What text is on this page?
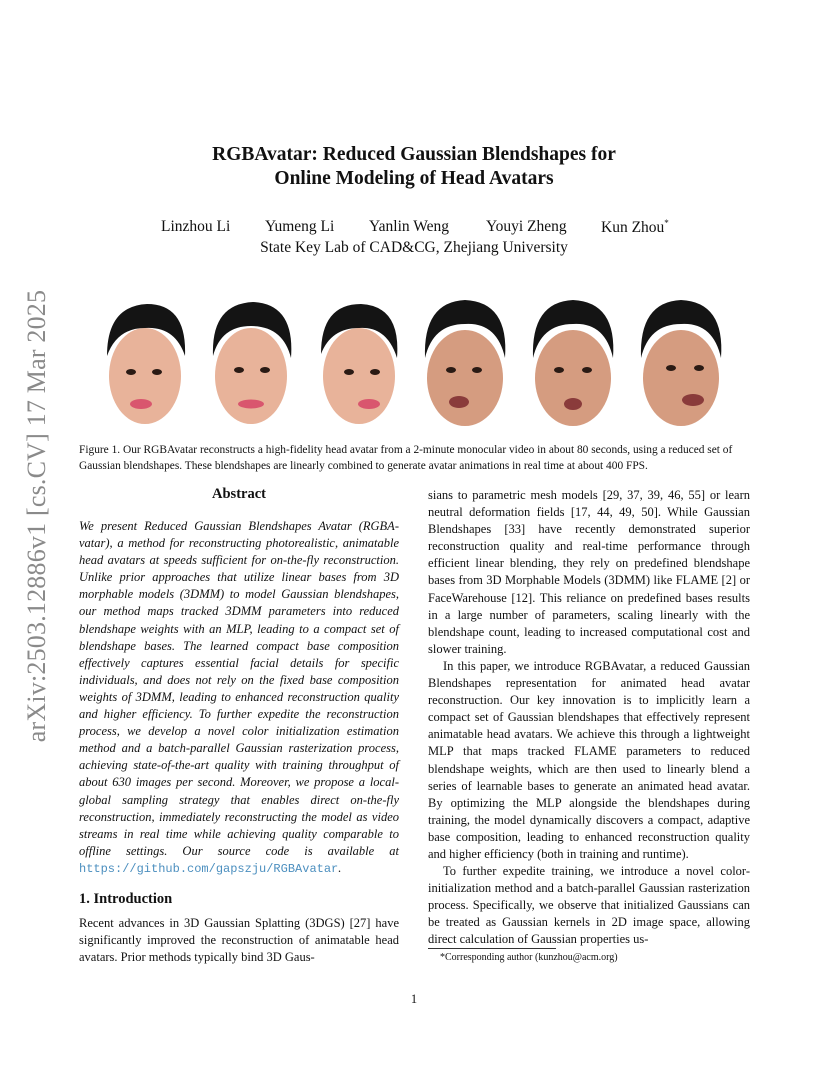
arXiv:2503.12886v1 [cs.CV] 17 Mar 2025
RGBAvatar: Reduced Gaussian Blendshapes for
Online Modeling of Head Avatars
Linzhou Li Yumeng Li Yanlin Weng Youyi Zheng Kun Zhou*
State Key Lab of CAD&CG, Zhejiang University
Figure 1. Our RGBAvatar reconstructs a high-fidelity head avatar from a 2-minute monocular video in about 80 seconds, using a reduced set of Gaussian blendshapes. These blendshapes are linearly combined to generate avatar animations in real time at about 400 FPS.
Abstract
We present Reduced Gaussian Blendshapes Avatar (RGBA-vatar), a method for reconstructing photorealistic, animatable head avatars at speeds sufficient for on-the-fly reconstruction. Unlike prior approaches that utilize linear bases from 3D morphable models (3DMM) to model Gaussian blendshapes, our method maps tracked 3DMM parameters into reduced blendshape weights with an MLP, leading to a compact set of blendshape bases. The learned compact base composition effectively captures essential facial details for specific individuals, and does not rely on the fixed base composition weights of 3DMM, leading to enhanced reconstruction quality and higher efficiency. To further expedite the reconstruction process, we develop a novel color initialization estimation method and a batch-parallel Gaussian rasterization process, achieving state-of-the-art quality with training throughput of about 630 images per second. Moreover, we propose a local-global sampling strategy that enables direct on-the-fly reconstruction, immediately reconstructing the model as video streams in real time while achieving quality comparable to offline settings. Our source code is available at https://github.com/gapszju/RGBAvatar.
1. Introduction

Recent advances in 3D Gaussian Splatting (3DGS) [27] have significantly improved the reconstruction of animatable head avatars. Prior methods typically bind 3D Gaus-

sians to parametric mesh models [29, 37, 39, 46, 55] or learn neutral deformation fields [17, 44, 49, 50]. While Gaussian Blendshapes [33] have recently demonstrated superior reconstruction quality and real-time performance through efficient linear blending, they rely on predefined blendshape bases from 3D Morphable Models (3DMM) like FLAME [2] or FaceWarehouse [12]. This reliance on predefined bases results in a large number of parameters, scaling linearly with the blendshape count, leading to increased computational cost and slower training.

In this paper, we introduce RGBAvatar, a reduced Gaussian Blendshapes representation for animated head avatar reconstruction. Our key innovation is to implicitly learn a compact set of Gaussian blendshapes that effectively represent animatable head avatars. We achieve this through a lightweight MLP that maps tracked FLAME parameters to reduced blendshape weights, which are then used to linearly blend a series of learnable bases to generate an animated head avatar. By optimizing the MLP alongside the blendshapes during training, the model dynamically discovers a compact, adaptive base composition, leading to enhanced reconstruction quality and higher efficiency (both in training and runtime).

To further expedite training, we introduce a novel color-initialization method and a batch-parallel Gaussian rasterization process. Specifically, we observe that initialized Gaussians can be treated as Gaussian kernels in 2D image space, allowing direct calculation of Gaussian properties us-

*Corresponding author (kunzhou@acm.org)
1
